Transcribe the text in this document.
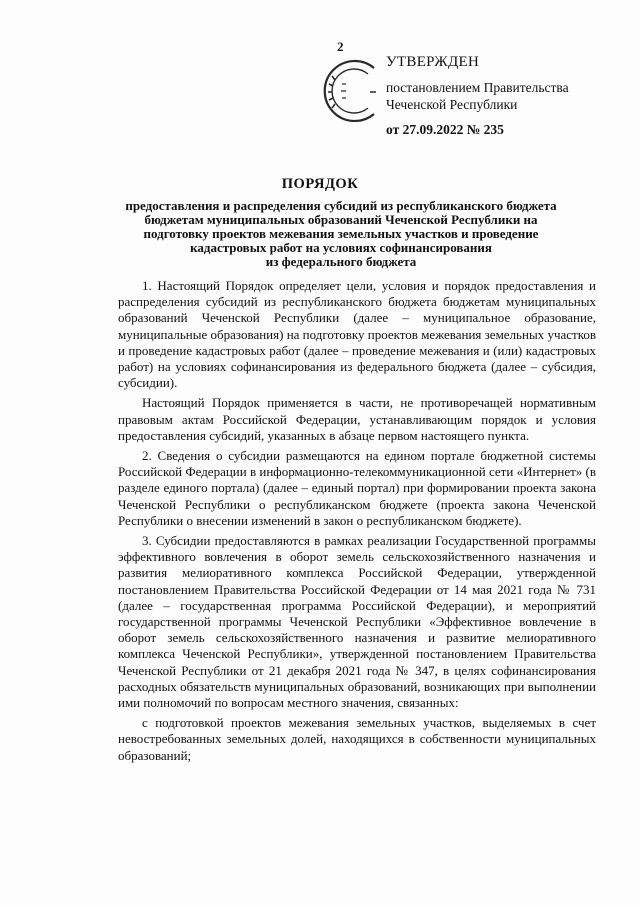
2
УТВЕРЖДЕН
постановлением Правительства
Чеченской Республики
от 27.09.2022 № 235
ПОРЯДОК
предоставления и распределения субсидий из республиканского бюджета
бюджетам муниципальных образований Чеченской Республики на
подготовку проектов межевания земельных участков и проведение
кадастровых работ на условиях софинансирования
из федерального бюджета

1. Настоящий Порядок определяет цели, условия и порядок предоставления и распределения субсидий из республиканского бюджета бюджетам муниципальных образований Чеченской Республики (далее – муниципальное образование, муниципальные образования) на подготовку проектов межевания земельных участков и проведение кадастровых работ (далее – проведение межевания и (или) кадастровых работ) на условиях софинансирования из федерального бюджета (далее – субсидия, субсидии).

Настоящий Порядок применяется в части, не противоречащей нормативным правовым актам Российской Федерации, устанавливающим порядок и условия предоставления субсидий, указанных в абзаце первом настоящего пункта.

2. Сведения о субсидии размещаются на едином портале бюджетной системы Российской Федерации в информационно-телекоммуникационной сети «Интернет» (в разделе единого портала) (далее – единый портал) при формировании проекта закона Чеченской Республики о республиканском бюджете (проекта закона Чеченской Республики о внесении изменений в закон о республиканском бюджете).

3. Субсидии предоставляются в рамках реализации Государственной программы эффективного вовлечения в оборот земель сельскохозяйственного назначения и развития мелиоративного комплекса Российской Федерации, утвержденной постановлением Правительства Российской Федерации от 14 мая 2021 года № 731 (далее – государственная программа Российской Федерации), и мероприятий государственной программы Чеченской Республики «Эффективное вовлечение в оборот земель сельскохозяйственного назначения и развитие мелиоративного комплекса Чеченской Республики», утвержденной постановлением Правительства Чеченской Республики от 21 декабря 2021 года № 347, в целях софинансирования расходных обязательств муниципальных образований, возникающих при выполнении ими полномочий по вопросам местного значения, связанных:

с подготовкой проектов межевания земельных участков, выделяемых в счет невостребованных земельных долей, находящихся в собственности муниципальных образований;
